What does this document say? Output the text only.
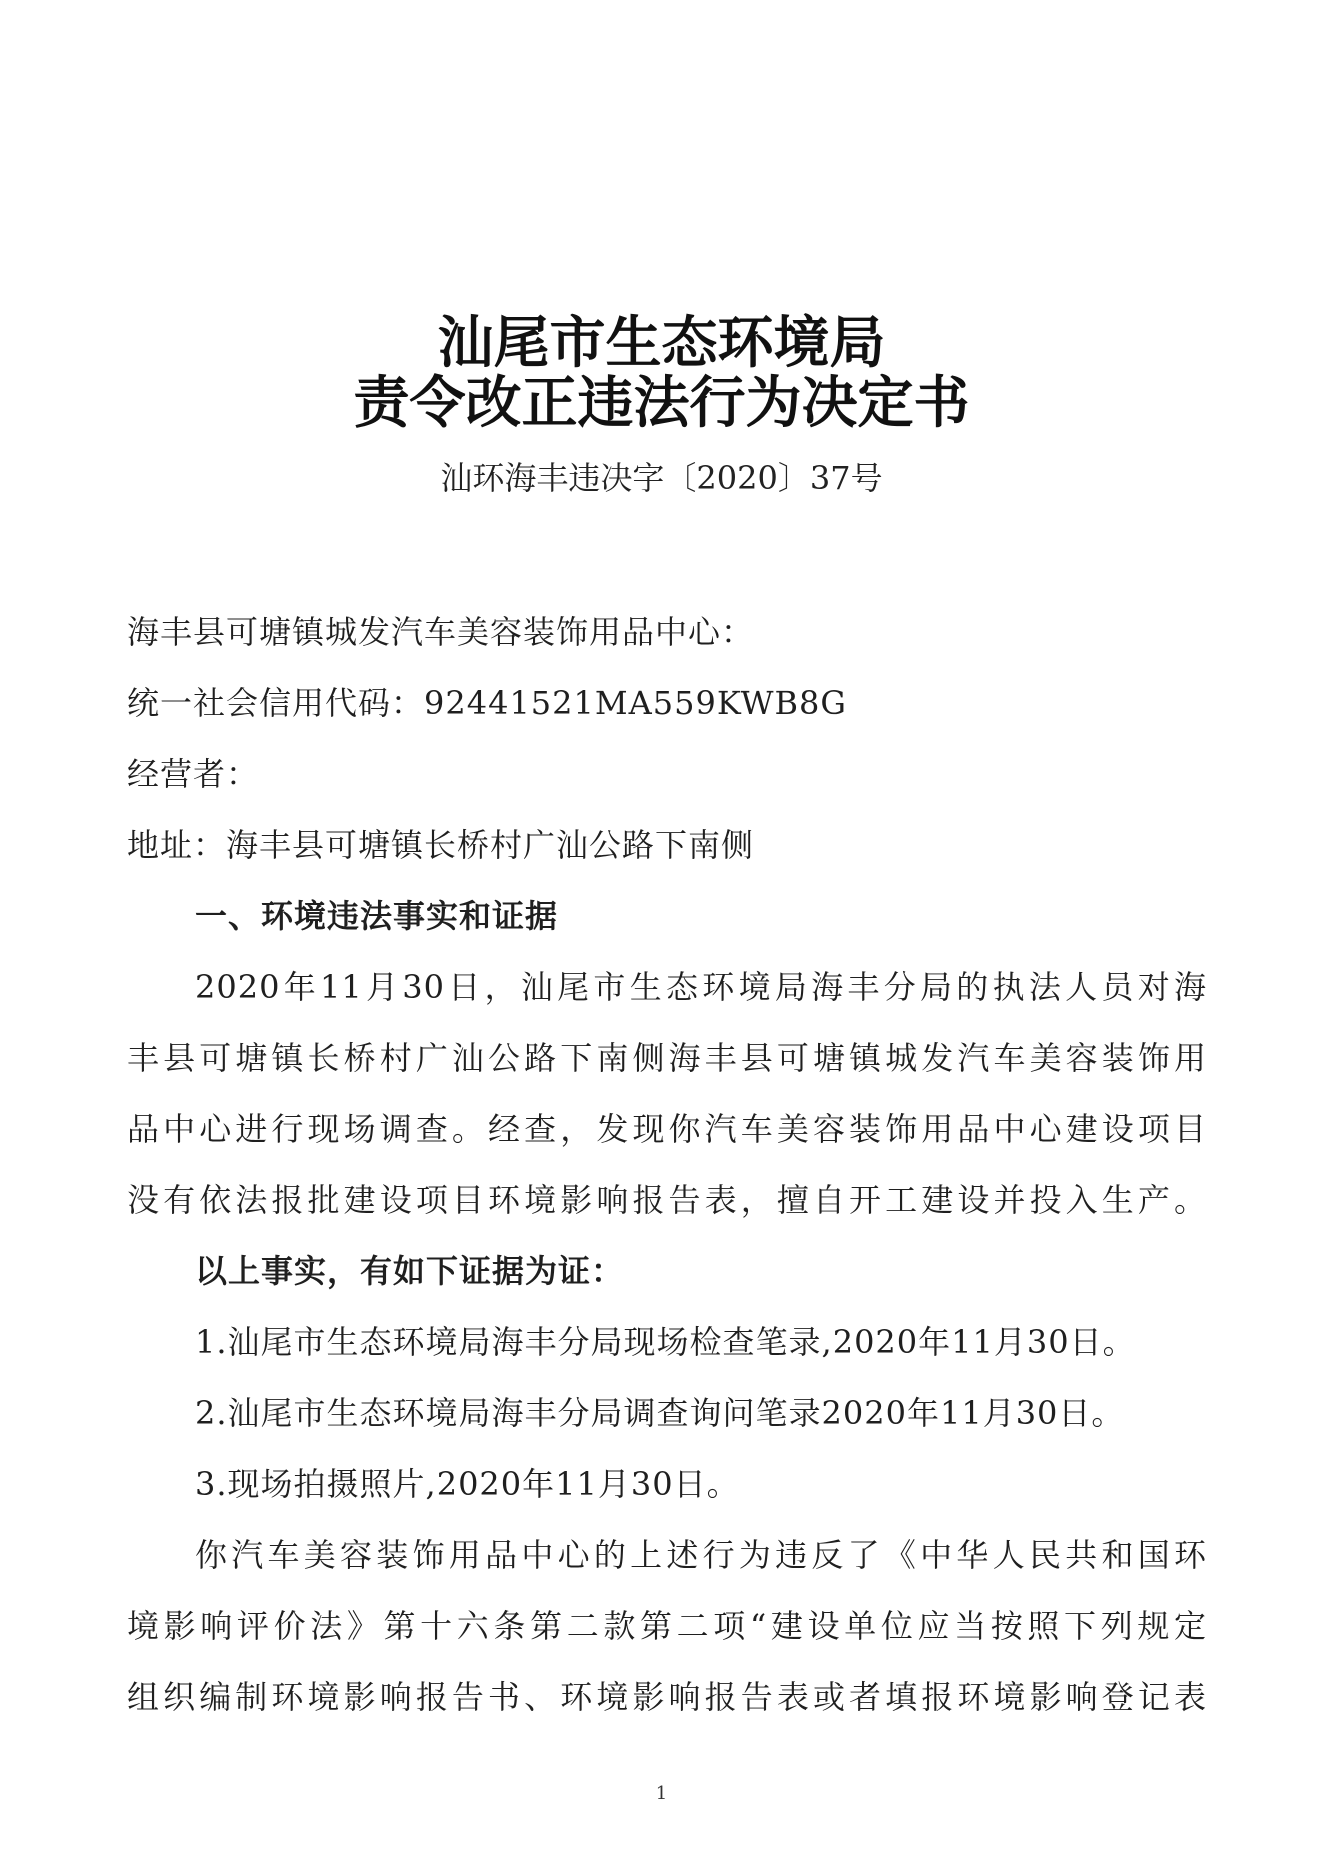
汕尾市生态环境局
责令改正违法行为决定书
汕环海丰违决字〔2020〕37号
海丰县可塘镇城发汽车美容装饰用品中心：
统一社会信用代码：92441521MA559KWB8G
经营者：
地址：海丰县可塘镇长桥村广汕公路下南侧
一、环境违法事实和证据
2020年11月30日，汕尾市生态环境局海丰分局的执法人员对海
丰县可塘镇长桥村广汕公路下南侧海丰县可塘镇城发汽车美容装饰用
品中心进行现场调查。经查，发现你汽车美容装饰用品中心建设项目
没有依法报批建设项目环境影响报告表，擅自开工建设并投入生产。
以上事实，有如下证据为证：
1.汕尾市生态环境局海丰分局现场检查笔录,2020年11月30日。
2.汕尾市生态环境局海丰分局调查询问笔录2020年11月30日。
3.现场拍摄照片,2020年11月30日。
你汽车美容装饰用品中心的上述行为违反了《中华人民共和国环
境影响评价法》第十六条第二款第二项“建设单位应当按照下列规定
组织编制环境影响报告书、环境影响报告表或者填报环境影响登记表
1
